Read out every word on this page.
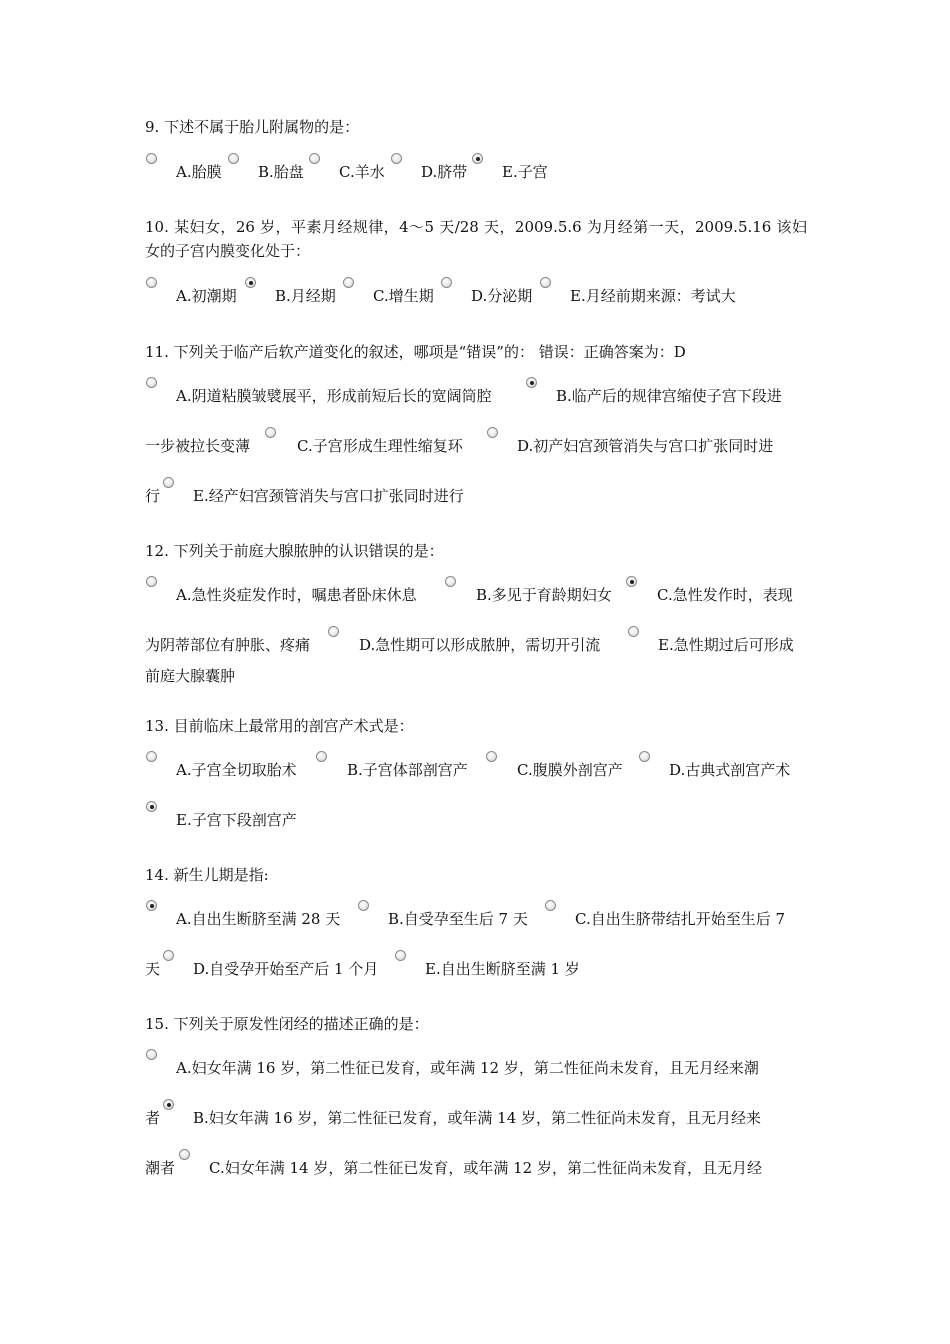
9. 下述不属于胎儿附属物的是：
A.胎膜 B.胎盘 C.羊水 D.脐带 E.子宫
10. 某妇女，26 岁，平素月经规律，4～5 天/28 天，2009.5.6 为月经第一天，2009.5.16 该妇
女的子宫内膜变化处于：
A.初潮期	B.月经期 C.增生期 D.分泌期	E.月经前期来源：考试大
11. 下列关于临产后软产道变化的叙述，哪项是“错误”的： 错误：正确答案为：D
A.阴道粘膜皱襞展平，形成前短后长的宽阔筒腔	B.临产后的规律宫缩使子宫下段进
一步被拉长变薄	C.子宫形成生理性缩复环	D.初产妇宫颈管消失与宫口扩张同时进
行 E.经产妇宫颈管消失与宫口扩张同时进行
12. 下列关于前庭大腺脓肿的认识错误的是：
A.急性炎症发作时，嘱患者卧床休息	B.多见于育龄期妇女	C.急性发作时，表现
为阴蒂部位有肿胀、疼痛	D.急性期可以形成脓肿，需切开引流	E.急性期过后可形成
前庭大腺囊肿
13. 目前临床上最常用的剖宫产术式是：
A.子宫全切取胎术	B.子宫体部剖宫产	C.腹膜外剖宫产	D.古典式剖宫产术
E.子宫下段剖宫产
14. 新生儿期是指:
A.自出生断脐至满 28 天	B.自受孕至生后 7 天	C.自出生脐带结扎开始至生后 7
天 D.自受孕开始至产后 1 个月	E.自出生断脐至满 1 岁
15. 下列关于原发性闭经的描述正确的是：
A.妇女年满 16 岁，第二性征已发育，或年满 12 岁，第二性征尚未发育，且无月经来潮
者 B.妇女年满 16 岁，第二性征已发育，或年满 14 岁，第二性征尚未发育，且无月经来
潮者 C.妇女年满 14 岁，第二性征已发育，或年满 12 岁，第二性征尚未发育，且无月经
